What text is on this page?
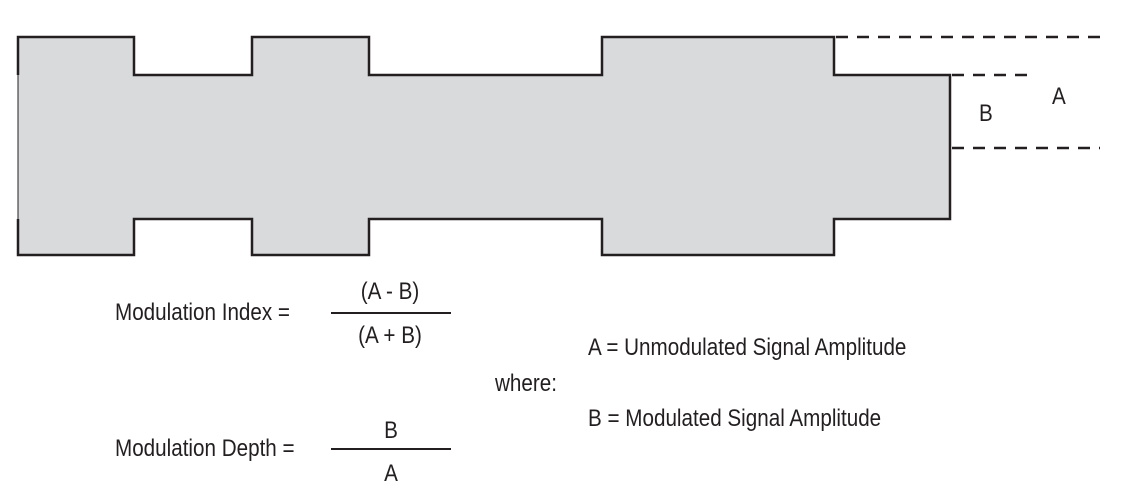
B
A
Modulation Index =
(A - B)
(A + B)
Modulation Depth =
B
A
where:
A = Unmodulated Signal Amplitude
B = Modulated Signal Amplitude
